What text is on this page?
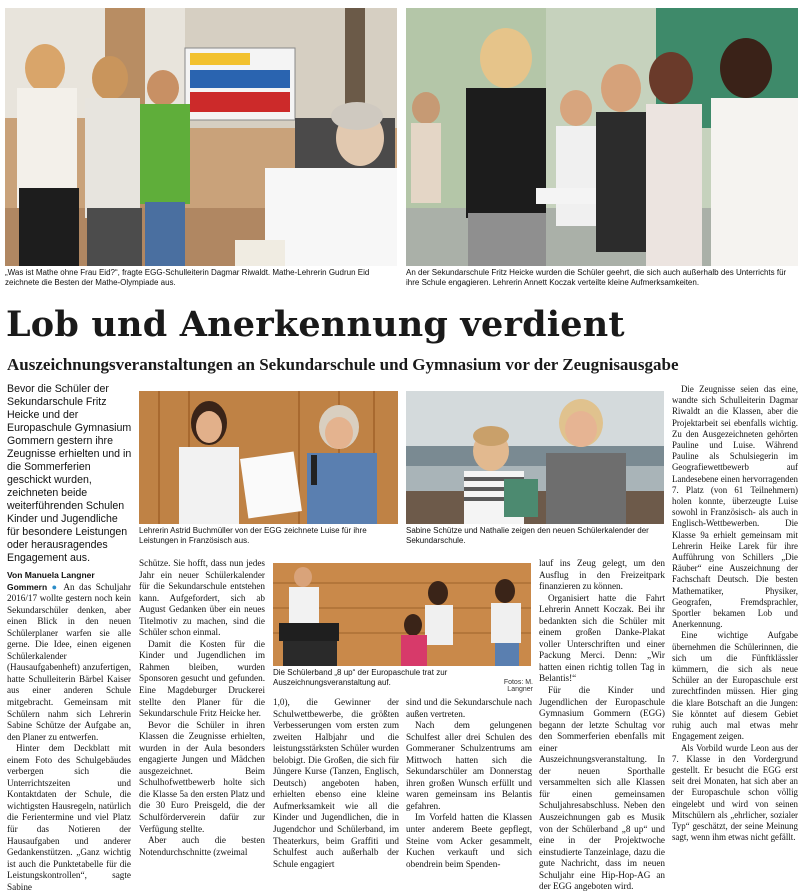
„Was ist Mathe ohne Frau Eid?“, fragte EGG-Schulleiterin Dagmar Riwaldt. Mathe-Lehrerin Gudrun Eid zeichnete die Besten der Mathe-Olympiade aus.
An der Sekundarschule Fritz Heicke wurden die Schüler geehrt, die sich auch außerhalb des Unterrichts für ihre Schule engagieren. Lehrerin Annett Koczak verteilte kleine Aufmerksamkeiten.
Lob und Anerkennung verdient
Auszeichnungsveranstaltungen an Sekundarschule und Gymnasium vor der Zeugnisausgabe
Bevor die Schüler der Sekundarschule Fritz Heicke und der Europaschule Gymnasium Gommern gestern ihre Zeugnisse erhielten und in die Sommerferien geschickt wurden, zeichneten beide weiterführenden Schulen Kinder und Jugendliche für besondere Leistungen oder herausragendes Engagement aus.
Lehrerin Astrid Buchmüller von der EGG zeichnete Luise für ihre Leistungen in Französisch aus.
Sabine Schütze und Nathalie zeigen den neuen Schülerkalender der Sekundarschule.
Die Schülerband „8 up“ der Europaschule trat zur Auszeichnungsveranstaltung auf.	Fotos: M. Langner
Von Manuela Langner

Gommern ● An das Schuljahr 2016/17 wollte gestern noch kein Sekundarschüler denken, aber einen Blick in den neuen Schülerplaner warfen sie alle gerne. Die Idee, einen eigenen Schülerkalender (Hausaufgabenheft) anzufertigen, hatte Schulleiterin Bärbel Kaiser aus einer anderen Schule mitgebracht. Gemeinsam mit Schülern nahm sich Lehrerin Sabine Schütze der Aufgabe an, den Planer zu entwerfen.

Hinter dem Deckblatt mit einem Foto des Schulgebäudes verbergen sich die Unterrichtszeiten und Kontaktdaten der Schule, die wichtigsten Hausregeln, natürlich die Ferientermine und viel Platz für das Notieren der Hausaufgaben und anderer Gedankenstützen. „Ganz wichtig ist auch die Punktetabelle für die Leistungskontrollen“, sagte Sabine

Schütze. Sie hofft, dass nun jedes Jahr ein neuer Schülerkalender für die Sekundarschule entstehen kann. Aufgefordert, sich ab August Gedanken über ein neues Titelmotiv zu machen, sind die Schüler schon einmal.

Damit die Kosten für die Kinder und Jugendlichen im Rahmen bleiben, wurden Sponsoren gesucht und gefunden. Eine Magdeburger Druckerei stellte den Planer für die Sekundarschule Fritz Heicke her.

Bevor die Schüler in ihren Klassen die Zeugnisse erhielten, wurden in der Aula besonders engagierte Jungen und Mädchen ausgezeichnet. Beim Schulhofwettbewerb holte sich die Klasse 5a den ersten Platz und die 30 Euro Preisgeld, die der Schulförderverein dafür zur Verfügung stellte.

Aber auch die besten Notendurchschnitte (zweimal

1,0), die Gewinner der Schulwettbewerbe, die größten Verbesserungen vom ersten zum zweiten Halbjahr und die leistungsstärksten Schüler wurden belobigt. Die Großen, die sich für Jüngere Kurse (Tanzen, Englisch, Deutsch) angeboten haben, erhielten ebenso eine kleine Aufmerksamkeit wie all die Kinder und Jugendlichen, die in Jugendchor und Schülerband, im Theaterkurs, beim Graffiti und Schulfest auch außerhalb der Schule engagiert

sind und die Sekundarschule nach außen vertreten.

Nach dem gelungenen Schulfest aller drei Schulen des Gommeraner Schulzentrums am Mittwoch hatten sich die Sekundarschüler am Donnerstag ihren großen Wunsch erfüllt und waren gemeinsam ins Belantis gefahren.

Im Vorfeld hatten die Klassen unter anderem Beete gepflegt, Steine vom Acker gesammelt, Kuchen verkauft und sich obendrein beim Spenden-

lauf ins Zeug gelegt, um den Ausflug in den Freizeitpark finanzieren zu können.

Organisiert hatte die Fahrt Lehrerin Annett Koczak. Bei ihr bedankten sich die Schüler mit einem großen Danke-Plakat voller Unterschriften und einer Packung Merci. Denn: „Wir hatten einen richtig tollen Tag in Belantis!“

Für die Kinder und Jugendlichen der Europaschule Gymnasium Gommern (EGG) begann der letzte Schultag vor den Sommerferien ebenfalls mit einer Auszeichnungsveranstaltung. In der neuen Sporthalle versammelten sich alle Klassen für einen gemeinsamen Schuljahresabschluss. Neben den Auszeichnungen gab es Musik von der Schülerband „8 up“ und eine in der Projektwoche einstudierte Tanzeinlage, dazu die gute Nachricht, dass im neuen Schuljahr eine Hip-Hop-AG an der EGG angeboten wird.

Die Zeugnisse seien das eine, wandte sich Schulleiterin Dagmar Riwaldt an die Klassen, aber die Projektarbeit sei ebenfalls wichtig. Zu den Ausgezeichneten gehörten Pauline und Luise. Während Pauline als Schulsiegerin im Geografiewettbewerb auf Landesebene einen hervorragenden 7. Platz (von 61 Teilnehmern) holen konnte, überzeugte Luise sowohl in Französisch- als auch in Englisch-Wettbewerben. Die Klasse 9a erhielt gemeinsam mit Lehrerin Heike Larek für ihre Aufführung von Schillers „Die Räuber“ eine Auszeichnung der Fachschaft Deutsch. Die besten Mathematiker, Physiker, Geografen, Fremdsprachler, Sportler bekamen Lob und Anerkennung.

Eine wichtige Aufgabe übernehmen die Schülerinnen, die sich um die Fünftklässler kümmern, die sich als neue Schüler an der Europaschule erst zurechtfinden müssen. Hier ging die klare Botschaft an die Jungen: Sie könntet auf diesem Gebiet ruhig auch mal etwas mehr Engagement zeigen.

Als Vorbild wurde Leon aus der 7. Klasse in den Vordergrund gestellt. Er besucht die EGG erst seit drei Monaten, hat sich aber an der Europaschule schon völlig eingelebt und wird von seinen Mitschülern als „ehrlicher, sozialer Typ“ geschätzt, der seine Meinung sagt, wenn ihm etwas nicht gefällt.
